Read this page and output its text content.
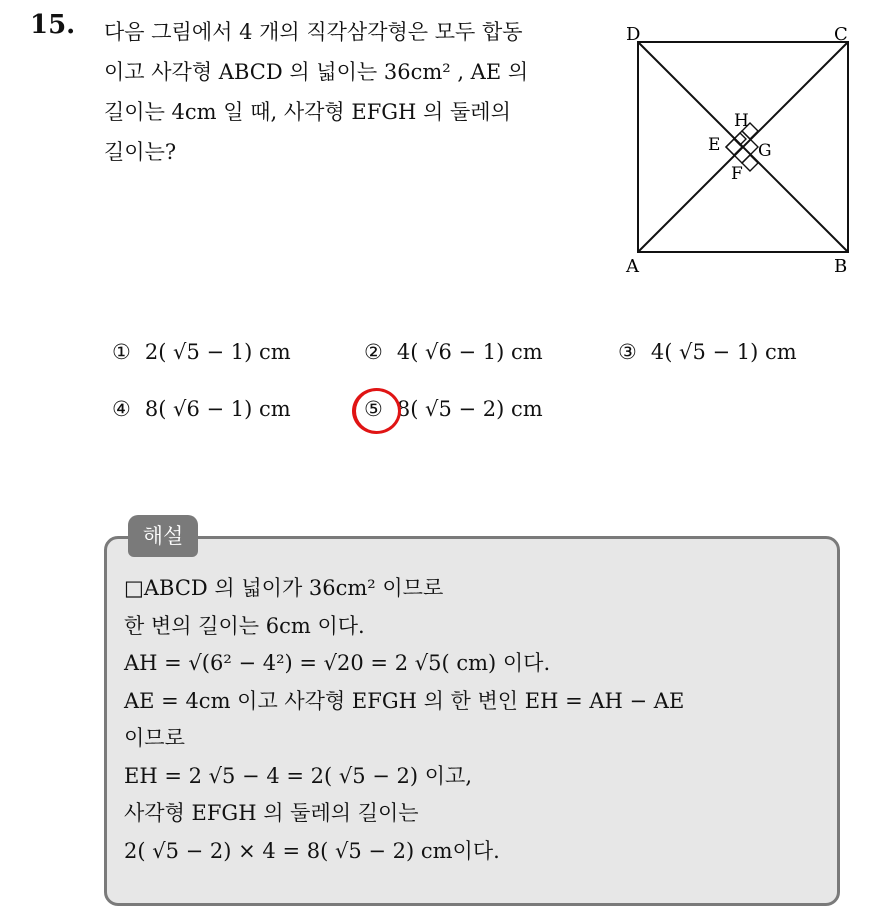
15. 다음 그림에서 4 개의 직각삼각형은 모두 합동
이고 사각형 ABCD 의 넓이는 36cm² , AE 의
길이는 4cm 일 때, 사각형 EFGH 의 둘레의
길이는?
D	C
A	B
E
F
G
H
① 2( √5 − 1) cm	② 4( √6 − 1) cm	③ 4( √5 − 1) cm
④ 8( √6 − 1) cm	⑤ 8( √5 − 2) cm
해설
□ABCD 의 넓이가 36cm² 이므로
한 변의 길이는 6cm 이다.
AH = √(6² − 4²) = √20 = 2 √5( cm) 이다.
AE = 4cm 이고 사각형 EFGH 의 한 변인 EH = AH − AE
이므로
EH = 2 √5 − 4 = 2( √5 − 2) 이고,
사각형 EFGH 의 둘레의 길이는
2( √5 − 2) × 4 = 8( √5 − 2) cm이다.
